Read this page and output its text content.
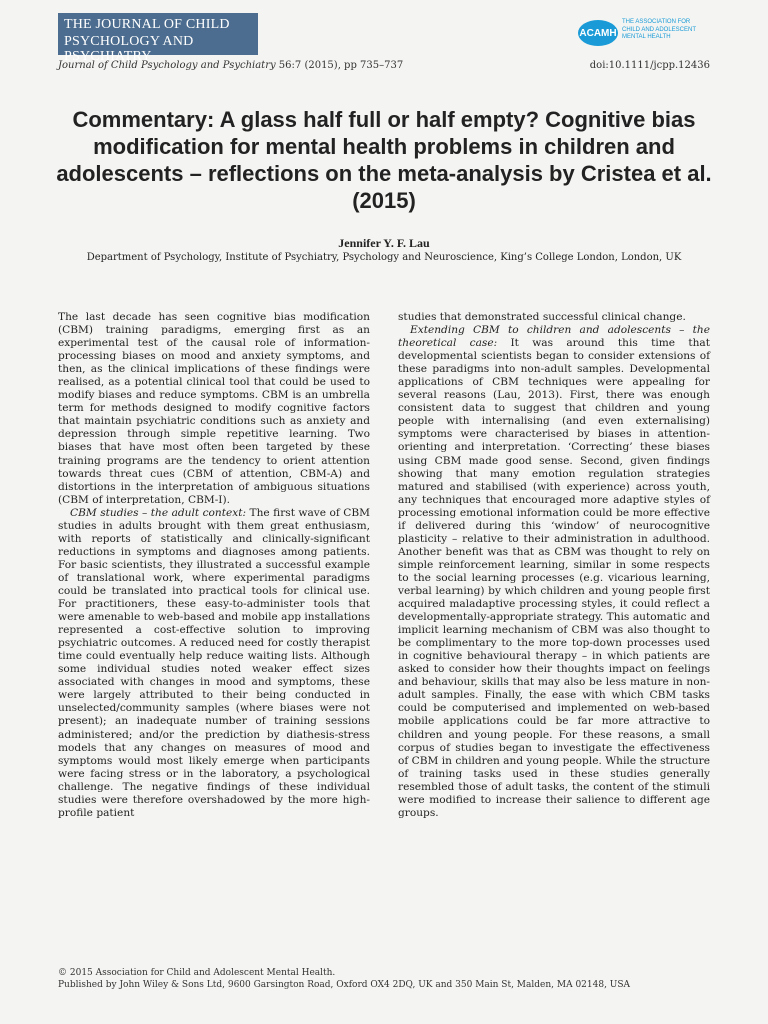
THE JOURNAL OF CHILD
PSYCHOLOGY AND PSYCHIATRY
ACAMH
THE ASSOCIATION FOR
CHILD AND ADOLESCENT
MENTAL HEALTH
Journal of Child Psychology and Psychiatry 56:7 (2015), pp 735–737	doi:10.1111/jcpp.12436
Commentary: A glass half full or half empty? Cognitive bias modification for mental health problems in children and adolescents – reflections on the meta-analysis by Cristea et al. (2015)
Jennifer Y. F. Lau
Department of Psychology, Institute of Psychiatry, Psychology and Neuroscience, King’s College London, London, UK

The last decade has seen cognitive bias modification (CBM) training paradigms, emerging first as an experimental test of the causal role of information-processing biases on mood and anxiety symptoms, and then, as the clinical implications of these findings were realised, as a potential clinical tool that could be used to modify biases and reduce symptoms. CBM is an umbrella term for methods designed to modify cognitive factors that maintain psychiatric conditions such as anxiety and depression through simple repetitive learning. Two biases that have most often been targeted by these training programs are the tendency to orient attention towards threat cues (CBM of attention, CBM-A) and distortions in the interpretation of ambiguous situations (CBM of interpretation, CBM-I).

CBM studies – the adult context: The first wave of CBM studies in adults brought with them great enthusiasm, with reports of statistically and clinically-significant reductions in symptoms and diagnoses among patients. For basic scientists, they illustrated a successful example of translational work, where experimental paradigms could be translated into practical tools for clinical use. For practitioners, these easy-to-administer tools that were amenable to web-based and mobile app installations represented a cost-effective solution to improving psychiatric outcomes. A reduced need for costly therapist time could eventually help reduce waiting lists. Although some individual studies noted weaker effect sizes associated with changes in mood and symptoms, these were largely attributed to their being conducted in unselected/community samples (where biases were not present); an inadequate number of training sessions administered; and/or the prediction by diathesis-stress models that any changes on measures of mood and symptoms would most likely emerge when participants were facing stress or in the laboratory, a psychological challenge. The negative findings of these individual studies were therefore overshadowed by the more high-profile patient

studies that demonstrated successful clinical change.

Extending CBM to children and adolescents – the theoretical case: It was around this time that developmental scientists began to consider extensions of these paradigms into non-adult samples. Developmental applications of CBM techniques were appealing for several reasons (Lau, 2013). First, there was enough consistent data to suggest that children and young people with internalising (and even externalising) symptoms were characterised by biases in attention-orienting and interpretation. ‘Correcting’ these biases using CBM made good sense. Second, given findings showing that many emotion regulation strategies matured and stabilised (with experience) across youth, any techniques that encouraged more adaptive styles of processing emotional information could be more effective if delivered during this ‘window’ of neurocognitive plasticity – relative to their administration in adulthood. Another benefit was that as CBM was thought to rely on simple reinforcement learning, similar in some respects to the social learning processes (e.g. vicarious learning, verbal learning) by which children and young people first acquired maladaptive processing styles, it could reflect a developmentally-appropriate strategy. This automatic and implicit learning mechanism of CBM was also thought to be complimentary to the more top-down processes used in cognitive behavioural therapy – in which patients are asked to consider how their thoughts impact on feelings and behaviour, skills that may also be less mature in non-adult samples. Finally, the ease with which CBM tasks could be computerised and implemented on web-based mobile applications could be far more attractive to children and young people. For these reasons, a small corpus of studies began to investigate the effectiveness of CBM in children and young people. While the structure of training tasks used in these studies generally resembled those of adult tasks, the content of the stimuli were modified to increase their salience to different age groups.

© 2015 Association for Child and Adolescent Mental Health.
Published by John Wiley & Sons Ltd, 9600 Garsington Road, Oxford OX4 2DQ, UK and 350 Main St, Malden, MA 02148, USA
